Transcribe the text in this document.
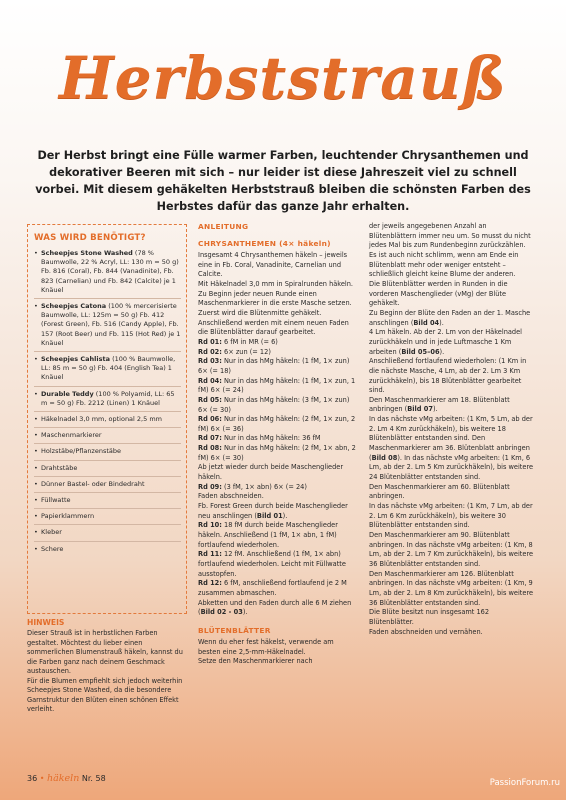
Herbststrauß
Der Herbst bringt eine Fülle warmer Farben, leuchtender Chrysanthemen und dekorativer Beeren mit sich – nur leider ist diese Jahreszeit viel zu schnell vorbei. Mit diesem gehäkelten Herbststrauß bleiben die schönsten Farben des Herbstes dafür das ganze Jahr erhalten.
WAS WIRD BENÖTIGT?
• Scheepjes Stone Washed (78 % Baumwolle, 22 % Acryl, LL: 130 m = 50 g) Fb. 816 (Coral), Fb. 844 (Vanadinite), Fb. 823 (Carnelian) und Fb. 842 (Calcite) je 1 Knäuel
• Scheepjes Catona (100 % mercerisierte Baumwolle, LL: 125m = 50 g) Fb. 412 (Forest Green), Fb. 516 (Candy Apple), Fb. 157 (Root Beer) und Fb. 115 (Hot Red) je 1 Knäuel
• Scheepjes Cahlista (100 % Baumwolle, LL: 85 m = 50 g) Fb. 404 (English Tea) 1 Knäuel
• Durable Teddy (100 % Polyamid, LL: 65 m = 50 g) Fb. 2212 (Linen) 1 Knäuel
• Häkelnadel 3,0 mm, optional 2,5 mm
• Maschenmarkierer
• Holzstäbe/Pflanzenstäbe
• Drahtstäbe
• Dünner Bastel- oder Bindedraht
• Füllwatte
• Papierklammern
• Kleber
• Schere
HINWEIS

Dieser Strauß ist in herbstlichen Farben gestaltet. Möchtest du lieber einen sommerlichen Blumenstrauß häkeln, kannst du die Farben ganz nach deinem Geschmack austauschen.

Für die Blumen empfiehlt sich jedoch weiterhin Scheepjes Stone Washed, da die besondere Garnstruktur den Blüten einen schönen Effekt verleiht.

ANLEITUNG
CHRYSANTHEMEN (4× häkeln)

Insgesamt 4 Chrysanthemen häkeln – jeweils eine in Fb. Coral, Vanadinite, Carnelian und Calcite.

Mit Häkelnadel 3,0 mm in Spiralrunden häkeln. Zu Beginn jeder neuen Runde einen Maschenmarkierer in die erste Masche setzen.

Zuerst wird die Blütenmitte gehäkelt. Anschließend werden mit einem neuen Faden die Blütenblätter darauf gearbeitet.

Rd 01: 6 fM in MR (= 6)

Rd 02: 6× zun (= 12)

Rd 03: Nur in das hMg häkeln: (1 fM, 1× zun) 6× (= 18)

Rd 04: Nur in das hMg häkeln: (1 fM, 1× zun, 1 fM) 6× (= 24)

Rd 05: Nur in das hMg häkeln: (3 fM, 1× zun) 6× (= 30)

Rd 06: Nur in das hMg häkeln: (2 fM, 1× zun, 2 fM) 6× (= 36)

Rd 07: Nur in das hMg häkeln: 36 fM

Rd 08: Nur in das hMg häkeln: (2 fM, 1× abn, 2 fM) 6× (= 30)

Ab jetzt wieder durch beide Maschenglieder häkeln.

Rd 09: (3 fM, 1× abn) 6× (= 24)

Faden abschneiden.

Fb. Forest Green durch beide Maschenglieder neu anschlingen (Bild 01).

Rd 10: 18 fM durch beide Maschenglieder häkeln. Anschließend (1 fM, 1× abn, 1 fM) fortlaufend wiederholen.

Rd 11: 12 fM. Anschließend (1 fM, 1× abn) fortlaufend wiederholen. Leicht mit Füllwatte ausstopfen.

Rd 12: 6 fM, anschließend fortlaufend je 2 M zusammen abmaschen.

Abketten und den Faden durch alle 6 M ziehen (Bild 02 - 03).

BLÜTENBLÄTTER

Wenn du eher fest häkelst, verwende am besten eine 2,5-mm-Häkelnadel.

Setze den Maschenmarkierer nach

der jeweils angegebenen Anzahl an Blütenblättern immer neu um. So musst du nicht jedes Mal bis zum Rundenbeginn zurückzählen. Es ist auch nicht schlimm, wenn am Ende ein Blütenblatt mehr oder weniger entsteht – schließlich gleicht keine Blume der anderen.

Die Blütenblätter werden in Runden in die vorderen Maschenglieder (vMg) der Blüte gehäkelt.

Zu Beginn der Blüte den Faden an der 1. Masche anschlingen (Bild 04).

4 Lm häkeln. Ab der 2. Lm von der Häkelnadel zurückhäkeln und in jede Luftmasche 1 Km arbeiten (Bild 05–06).

Anschließend fortlaufend wiederholen: (1 Km in die nächste Masche, 4 Lm, ab der 2. Lm 3 Km zurückhäkeln), bis 18 Blütenblätter gearbeitet sind.

Den Maschenmarkierer am 18. Blütenblatt anbringen (Bild 07).

In das nächste vMg arbeiten: (1 Km, 5 Lm, ab der 2. Lm 4 Km zurückhäkeln), bis weitere 18 Blütenblätter entstanden sind. Den Maschenmarkierer am 36. Blütenblatt anbringen (Bild 08). In das nächste vMg arbeiten: (1 Km, 6 Lm, ab der 2. Lm 5 Km zurückhäkeln), bis weitere 24 Blütenblätter entstanden sind.

Den Maschenmarkierer am 60. Blütenblatt anbringen.

In das nächste vMg arbeiten: (1 Km, 7 Lm, ab der 2. Lm 6 Km zurückhäkeln), bis weitere 30 Blütenblätter entstanden sind.

Den Maschenmarkierer am 90. Blütenblatt anbringen. In das nächste vMg arbeiten: (1 Km, 8 Lm, ab der 2. Lm 7 Km zurückhäkeln), bis weitere 36 Blütenblätter entstanden sind.

Den Maschenmarkierer am 126. Blütenblatt anbringen. In das nächste vMg arbeiten: (1 Km, 9 Lm, ab der 2. Lm 8 Km zurückhäkeln), bis weitere 36 Blütenblätter entstanden sind.

Die Blüte besitzt nun insgesamt 162 Blütenblätter.

Faden abschneiden und vernähen.

36 • häkeln Nr. 58	PassionForum.ru
